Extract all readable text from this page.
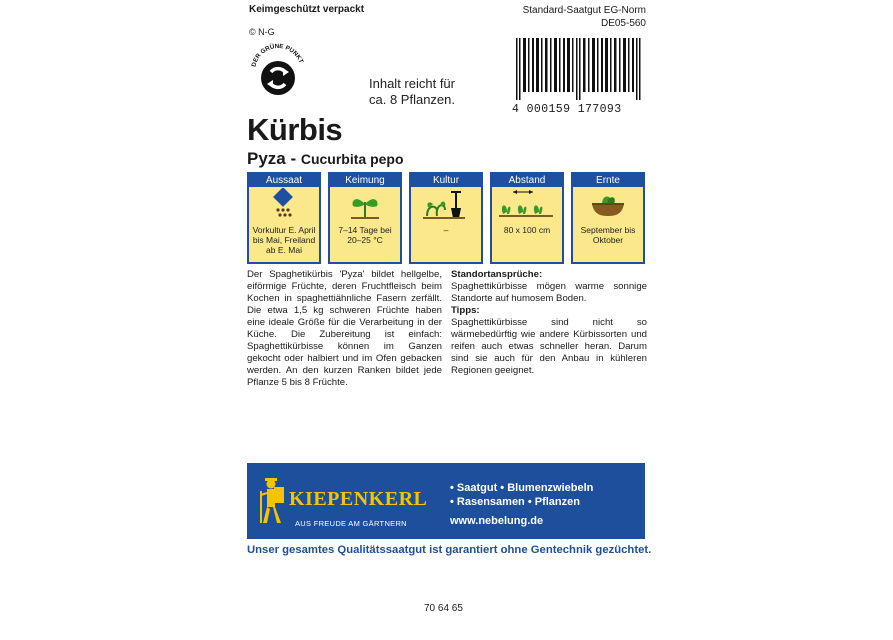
Keimgeschützt verpackt
© N-G
Standard-Saatgut EG-Norm
DE05-560
DER GRÜNE PUNKT
Inhalt reicht für
ca. 8 Pflanzen.
4 000159 177093
Kürbis
Pyza - Cucurbita pepo
Aussaat
Vorkultur E. April bis Mai, Freiland ab E. Mai
Keimung
7–14 Tage bei 20–25 °C
Kultur
–
Abstand
80 x 100 cm
Ernte
September bis Oktober
Der Spaghetikürbis 'Pyza' bildet hellgelbe, eiförmige Früchte, deren Fruchtfleisch beim Kochen in spaghettiähnliche Fasern zerfällt. Die etwa 1,5 kg schweren Früchte haben eine ideale Größe für die Verarbeitung in der Küche. Die Zubereitung ist einfach: Spaghettikürbisse können im Ganzen gekocht oder halbiert und im Ofen gebacken werden. An den kurzen Ranken bildet jede Pflanze 5 bis 8 Früchte.
Standortansprüche:
Spaghettikürbisse mögen warme sonnige Standorte auf humosem Boden.
Tipps:
Spaghettikürbisse sind nicht so wärmebedürftig wie andere Kürbissorten und reifen auch etwas schneller heran. Darum sind sie auch für den Anbau in kühleren Regionen geeignet.
KIEPENKERL
AUS FREUDE AM GÄRTNERN
• Saatgut • Blumenzwiebeln
• Rasensamen • Pflanzen
www.nebelung.de
Unser gesamtes Qualitätssaatgut ist garantiert ohne Gentechnik gezüchtet.
70 64 65
